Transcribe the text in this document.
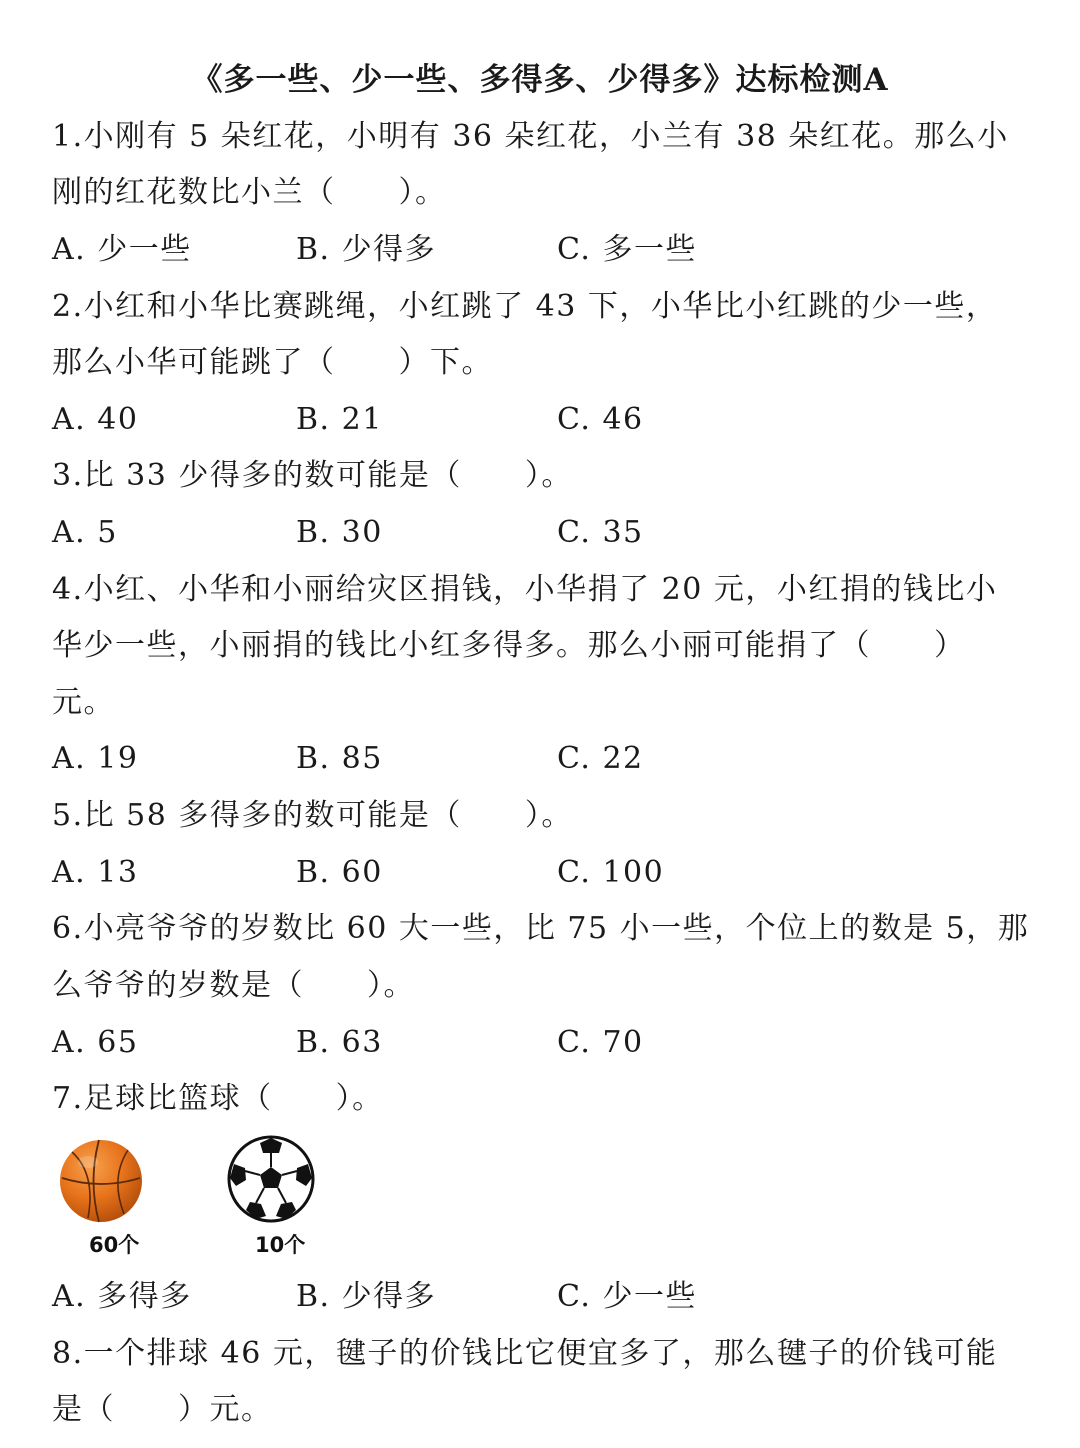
《多一些、少一些、多得多、少得多》达标检测A
1.小刚有 5 朵红花，小明有 36 朵红花，小兰有 38 朵红花。那么小
刚的红花数比小兰（　　）。
A. 少一些	B. 少得多	C. 多一些
2.小红和小华比赛跳绳，小红跳了 43 下，小华比小红跳的少一些，
那么小华可能跳了（　　）下。
A. 40	B. 21	C. 46
3.比 33 少得多的数可能是（　　）。
A. 5	B. 30	C. 35
4.小红、小华和小丽给灾区捐钱，小华捐了 20 元，小红捐的钱比小
华少一些，小丽捐的钱比小红多得多。那么小丽可能捐了（　　）
元。
A. 19	B. 85	C. 22
5.比 58 多得多的数可能是（　　）。
A. 13	B. 60	C. 100
6.小亮爷爷的岁数比 60 大一些，比 75 小一些，个位上的数是 5，那
么爷爷的岁数是（　　）。
A. 65	B. 63	C. 70
7.足球比篮球（　　）。
60个	10个
A. 多得多	B. 少得多	C. 少一些
8.一个排球 46 元，毽子的价钱比它便宜多了，那么毽子的价钱可能
是（　　）元。
